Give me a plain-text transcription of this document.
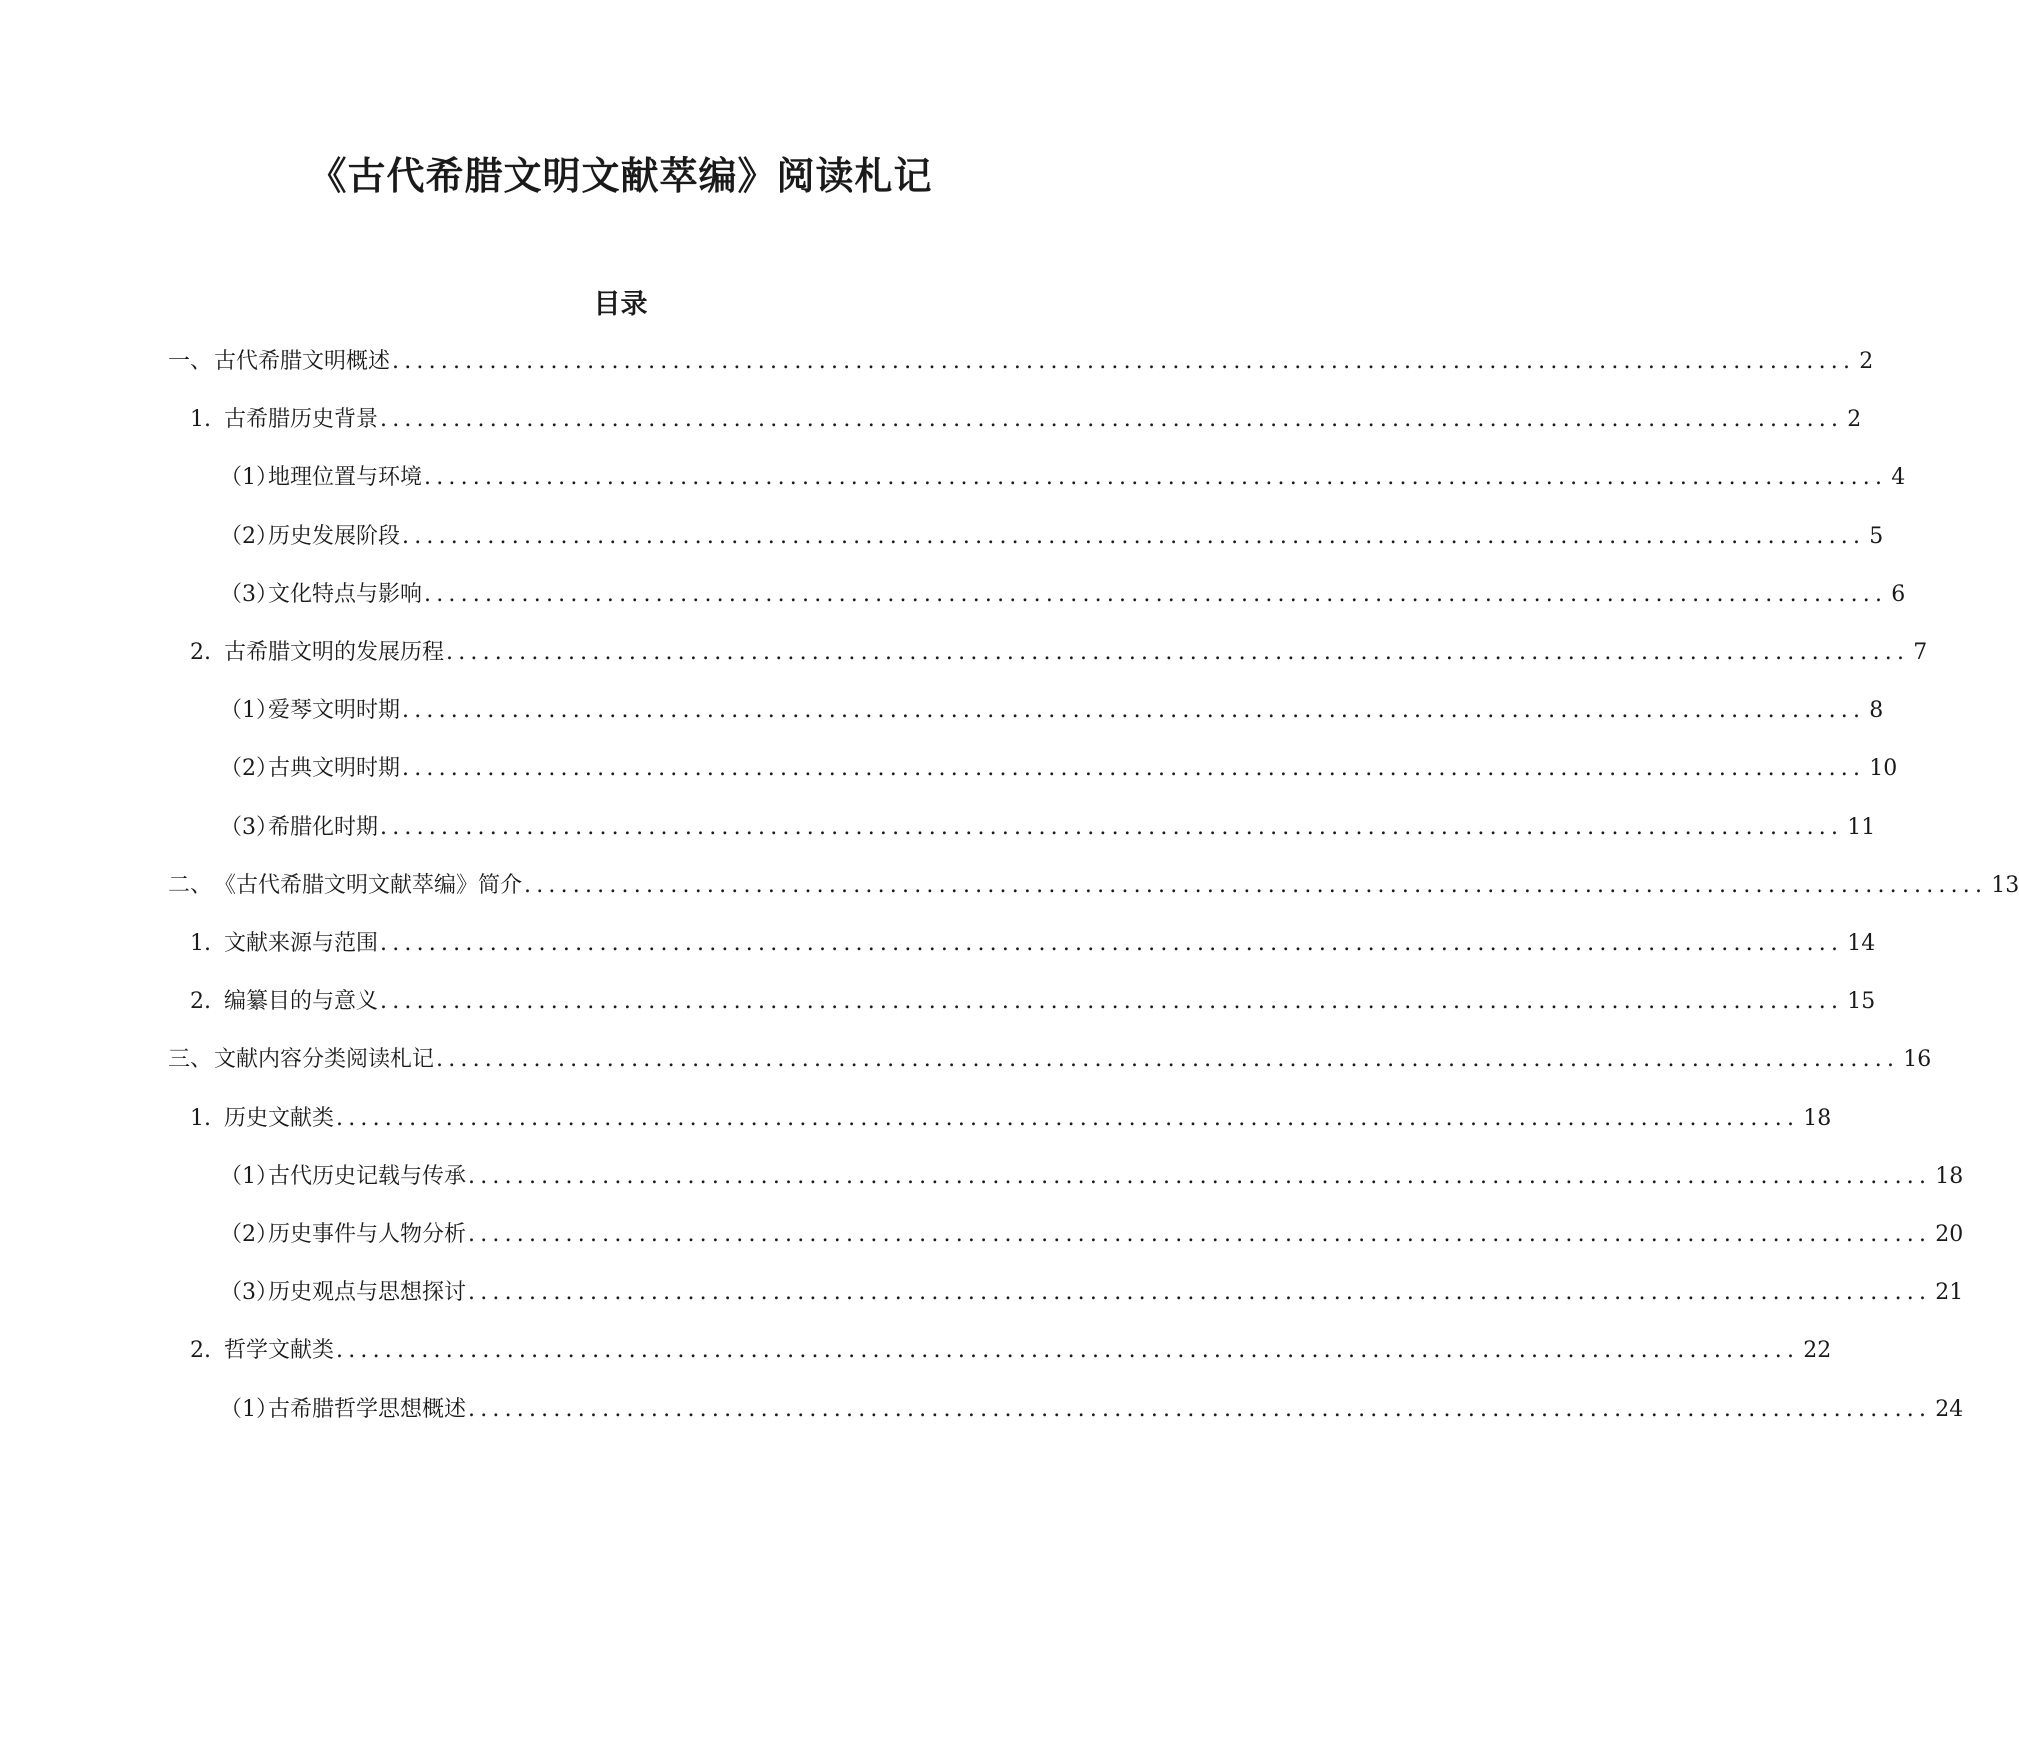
《古代希腊文明文献萃编》阅读札记
目录
一、 古代希腊文明概述 ........................................................................................................................ 2
1. 古希腊历史背景 ........................................................................................................................ 2
（1）
地理位置与环境 ........................................................................................................................ 4
（2）
历史发展阶段 ........................................................................................................................ 5
（3）
文化特点与影响 ........................................................................................................................ 6
2. 古希腊文明的发展历程 ........................................................................................................................ 7
（1）
爱琴文明时期 ........................................................................................................................ 8
（2）
古典文明时期 ........................................................................................................................ 10
（3）
希腊化时期 ........................................................................................................................ 11
二、 《古代希腊文明文献萃编》简介 ........................................................................................................................ 13
1. 文献来源与范围 ........................................................................................................................ 14
2. 编纂目的与意义 ........................................................................................................................ 15
三、 文献内容分类阅读札记 ........................................................................................................................ 16
1. 历史文献类 ........................................................................................................................ 18
（1）
古代历史记载与传承 ........................................................................................................................ 18
（2）
历史事件与人物分析 ........................................................................................................................ 20
（3）
历史观点与思想探讨 ........................................................................................................................ 21
2. 哲学文献类 ........................................................................................................................ 22
（1）
古希腊哲学思想概述 ........................................................................................................................ 24
